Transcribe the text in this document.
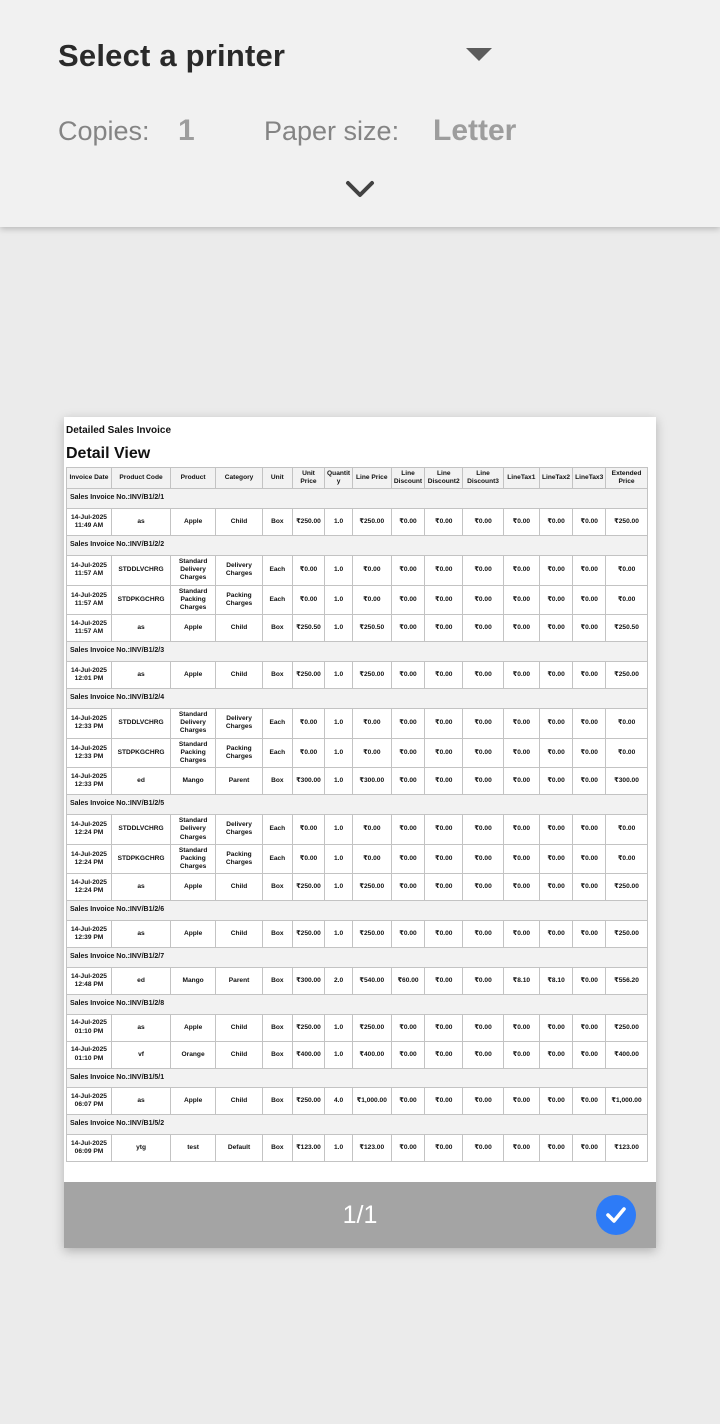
Select a printer
Copies: 1	Paper size: Letter
Detailed Sales Invoice
Detail View
Invoice Date	Product Code	Product	Category	Unit	Unit Price	Quantity	Line Price	Line Discount	Line Discount2	Line Discount3	LineTax1	LineTax2	LineTax3	Extended Price
Sales Invoice No.:INV/B1/2/1														
14-Jul-2025 11:49 AM	as	Apple	Child	Box	₹250.00	1.0	₹250.00	₹0.00	₹0.00	₹0.00	₹0.00	₹0.00	₹0.00	₹250.00
Sales Invoice No.:INV/B1/2/2														
14-Jul-2025 11:57 AM	STDDLVCHRG	Standard Delivery Charges	Delivery Charges	Each	₹0.00	1.0	₹0.00	₹0.00	₹0.00	₹0.00	₹0.00	₹0.00	₹0.00	₹0.00
14-Jul-2025 11:57 AM	STDPKGCHRG	Standard Packing Charges	Packing Charges	Each	₹0.00	1.0	₹0.00	₹0.00	₹0.00	₹0.00	₹0.00	₹0.00	₹0.00	₹0.00
14-Jul-2025 11:57 AM	as	Apple	Child	Box	₹250.50	1.0	₹250.50	₹0.00	₹0.00	₹0.00	₹0.00	₹0.00	₹0.00	₹250.50
Sales Invoice No.:INV/B1/2/3														
14-Jul-2025 12:01 PM	as	Apple	Child	Box	₹250.00	1.0	₹250.00	₹0.00	₹0.00	₹0.00	₹0.00	₹0.00	₹0.00	₹250.00
Sales Invoice No.:INV/B1/2/4														
14-Jul-2025 12:33 PM	STDDLVCHRG	Standard Delivery Charges	Delivery Charges	Each	₹0.00	1.0	₹0.00	₹0.00	₹0.00	₹0.00	₹0.00	₹0.00	₹0.00	₹0.00
14-Jul-2025 12:33 PM	STDPKGCHRG	Standard Packing Charges	Packing Charges	Each	₹0.00	1.0	₹0.00	₹0.00	₹0.00	₹0.00	₹0.00	₹0.00	₹0.00	₹0.00
14-Jul-2025 12:33 PM	ed	Mango	Parent	Box	₹300.00	1.0	₹300.00	₹0.00	₹0.00	₹0.00	₹0.00	₹0.00	₹0.00	₹300.00
Sales Invoice No.:INV/B1/2/5														
14-Jul-2025 12:24 PM	STDDLVCHRG	Standard Delivery Charges	Delivery Charges	Each	₹0.00	1.0	₹0.00	₹0.00	₹0.00	₹0.00	₹0.00	₹0.00	₹0.00	₹0.00
14-Jul-2025 12:24 PM	STDPKGCHRG	Standard Packing Charges	Packing Charges	Each	₹0.00	1.0	₹0.00	₹0.00	₹0.00	₹0.00	₹0.00	₹0.00	₹0.00	₹0.00
14-Jul-2025 12:24 PM	as	Apple	Child	Box	₹250.00	1.0	₹250.00	₹0.00	₹0.00	₹0.00	₹0.00	₹0.00	₹0.00	₹250.00
Sales Invoice No.:INV/B1/2/6														
14-Jul-2025 12:39 PM	as	Apple	Child	Box	₹250.00	1.0	₹250.00	₹0.00	₹0.00	₹0.00	₹0.00	₹0.00	₹0.00	₹250.00
Sales Invoice No.:INV/B1/2/7														
14-Jul-2025 12:48 PM	ed	Mango	Parent	Box	₹300.00	2.0	₹540.00	₹60.00	₹0.00	₹0.00	₹8.10	₹8.10	₹0.00	₹556.20
Sales Invoice No.:INV/B1/2/8														
14-Jul-2025 01:10 PM	as	Apple	Child	Box	₹250.00	1.0	₹250.00	₹0.00	₹0.00	₹0.00	₹0.00	₹0.00	₹0.00	₹250.00
14-Jul-2025 01:10 PM	vf	Orange	Child	Box	₹400.00	1.0	₹400.00	₹0.00	₹0.00	₹0.00	₹0.00	₹0.00	₹0.00	₹400.00
Sales Invoice No.:INV/B1/5/1														
14-Jul-2025 06:07 PM	as	Apple	Child	Box	₹250.00	4.0	₹1,000.00	₹0.00	₹0.00	₹0.00	₹0.00	₹0.00	₹0.00	₹1,000.00
Sales Invoice No.:INV/B1/5/2														
14-Jul-2025 06:09 PM	ytg	test	Default	Box	₹123.00	1.0	₹123.00	₹0.00	₹0.00	₹0.00	₹0.00	₹0.00	₹0.00	₹123.00
1/1
